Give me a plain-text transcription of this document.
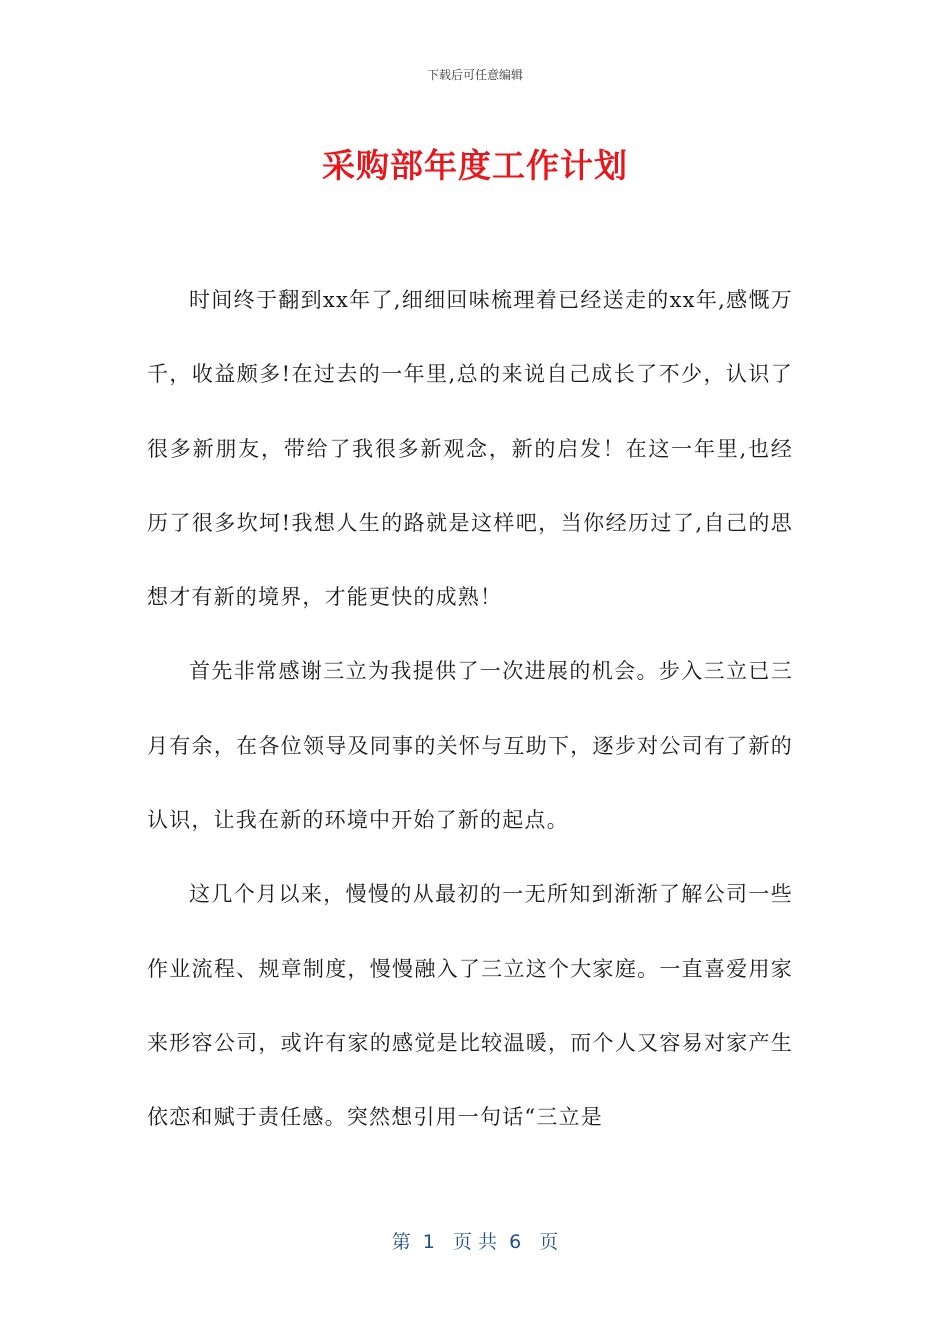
下载后可任意编辑
采购部年度工作计划

时间终于翻到xx年了,细细回味梳理着已经送走的xx年,感慨万千，收益颇多!在过去的一年里,总的来说自己成长了不少，认识了很多新朋友，带给了我很多新观念，新的启发！在这一年里,也经历了很多坎坷!我想人生的路就是这样吧，当你经历过了,自己的思想才有新的境界，才能更快的成熟！

首先非常感谢三立为我提供了一次进展的机会。步入三立已三月有余，在各位领导及同事的关怀与互助下，逐步对公司有了新的认识，让我在新的环境中开始了新的起点。

这几个月以来，慢慢的从最初的一无所知到渐渐了解公司一些作业流程、规章制度，慢慢融入了三立这个大家庭。一直喜爱用家来形容公司，或许有家的感觉是比较温暖，而个人又容易对家产生依恋和赋于责任感。突然想引用一句话“三立是

第  1   页 共  6   页
